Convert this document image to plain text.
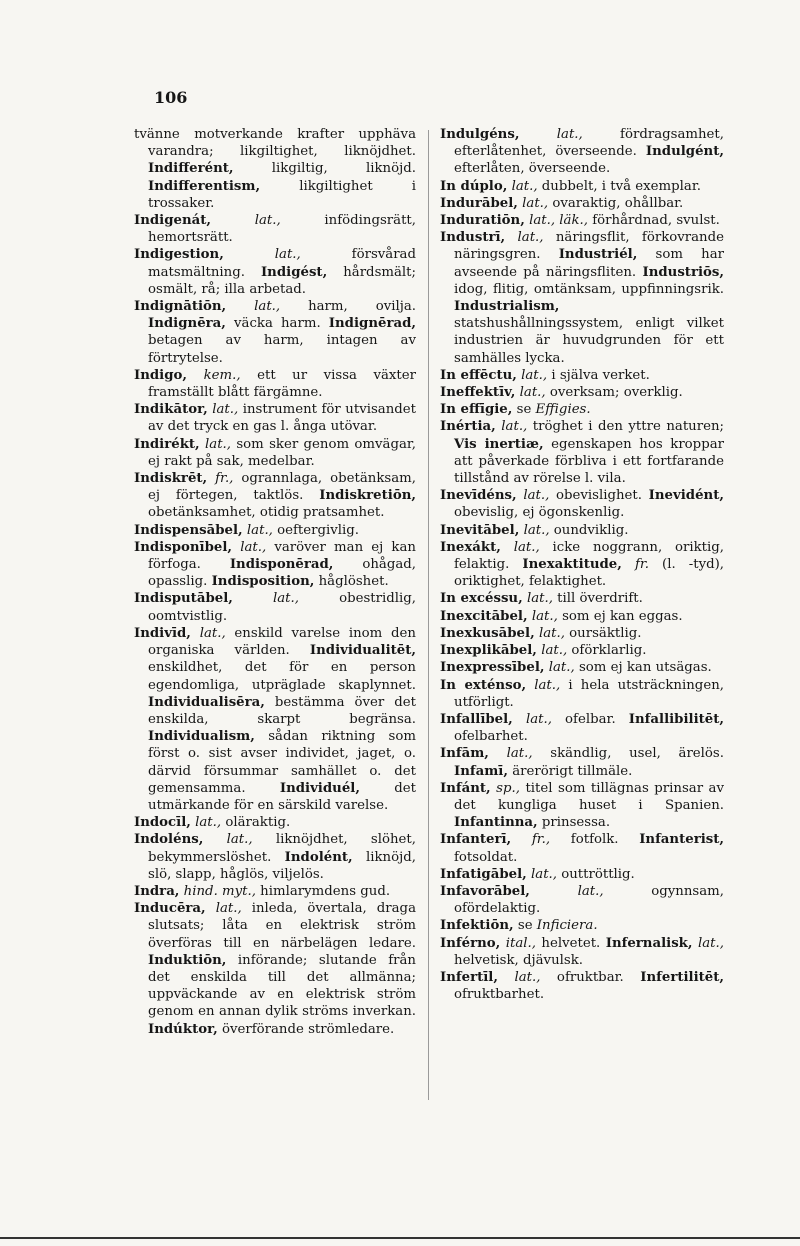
106

tvänne motverkande krafter upphäva varandra; likgiltighet, liknöjdhet. Indifferént, likgiltig, liknöjd. Indifferentism, likgiltighet i trossaker.

Indigenát,	lat., infödingsrätt, hemortsrätt.

Indigestion,	lat., försvårad matsmältning. Indigést, hårdsmält; osmält, rå; illa arbetad.

Indignātiōn, lat., harm, ovilja. Indignēra, väcka harm. Indignērad, betagen av harm, intagen av förtrytelse.

Indigo, kem., ett ur vissa växter framställt blått färgämne.

Indikātor, lat., instrument för utvisandet av det tryck en gas l. ånga utövar.

Indirékt, lat., som sker genom omvägar, ej rakt på sak, medelbar.

Indiskrēt, fr., ogrannlaga, obetänksam, ej förtegen, taktlös. Indiskretiōn, obetänksamhet, otidig pratsamhet.

Indispensābel, lat., oeftergivlig.

Indisponībel, lat., varöver man ej kan förfoga. Indisponērad, ohågad, opasslig. Indisposition, håglöshet.

Indisputābel,	lat., obestridlig, oomtvistlig.

Indivīd, lat., enskild varelse inom den organiska världen. Individualitēt, enskildhet, det för en person egendomliga, utpräglade skaplynnet. Individualisēra, bestämma över det enskilda, skarpt begränsa. Individualism, sådan riktning som först o. sist avser individet, jaget, o. därvid försummar samhället o. det gemensamma. Individuél, det utmärkande för en särskild varelse.

Indocīl, lat., oläraktig.

Indoléns, lat., liknöjdhet, slöhet, bekymmerslöshet. Indolént, liknöjd, slö, slapp, håglös, viljelös.

Indra, hind. myt., himlarymdens gud.

Inducēra, lat., inleda, övertala, draga slutsats; låta en elektrisk ström överföras till en närbelägen ledare. Induktiōn, införande; slutande från det enskilda till det allmänna; uppväckande av en elektrisk ström genom en annan dylik ströms inverkan. Indúktor, överförande strömledare.

Indulgéns,	lat., fördragsamhet, efterlåtenhet, överseende. Indulgént, efterlåten, överseende.

In dúplo, lat., dubbelt, i två exemplar.

Indurābel, lat., ovaraktig, ohållbar.

Induratiōn, lat., läk., förhårdnad, svulst.

Industrī, lat., näringsflit, förkovrande näringsgren. Industriél, som har avseende på näringsfliten. Industriōs, idog, flitig, omtänksam, uppfinningsrik. Industrialism, statshushållningssystem, enligt vilket industrien är huvudgrunden för ett samhälles lycka.

In effēctu, lat., i själva verket.

Ineffektīv, lat., overksam; overklig.

In effīgie, se Effigies.

Inértia, lat., tröghet i den yttre naturen; Vis inertiæ, egenskapen hos kroppar att påverkade förbliva i ett fortfarande tillstånd av rörelse l. vila.

Inevīdéns, lat., obevislighet. Inevidént, obevislig, ej ögonskenlig.

Inevitābel, lat., oundviklig.

Inexákt, lat., icke noggrann, oriktig, felaktig. Inexaktitude, fr. (l. -tyd), oriktighet, felaktighet.

In excéssu, lat., till överdrift.

Inexcitābel, lat., som ej kan eggas.

Inexkusābel, lat., oursäktlig.

Inexplikābel, lat., oförklarlig.

Inexpressībel, lat., som ej kan utsägas.

In exténso, lat., i hela utsträckningen, utförligt.

Infallībel, lat., ofelbar. Infallibilitēt, ofelbarhet.

Infām, lat., skändlig, usel, ärelös. Infamī, ärerörigt tillmäle.

Infánt, sp., titel som tillägnas prinsar av det kungliga huset i Spanien. Infantinna, prinsessa.

Infanterī, fr., fotfolk. Infanterist, fotsoldat.

Infatigābel, lat., outtröttlig.

Infavorābel,	lat., ogynnsam, ofördelaktig.

Infektiōn, se Inficiera.

Inférno, ital., helvetet. Infernalisk, lat., helvetisk, djävulsk.

Infertīl, lat., ofruktbar. Infertilitēt, ofruktbarhet.
